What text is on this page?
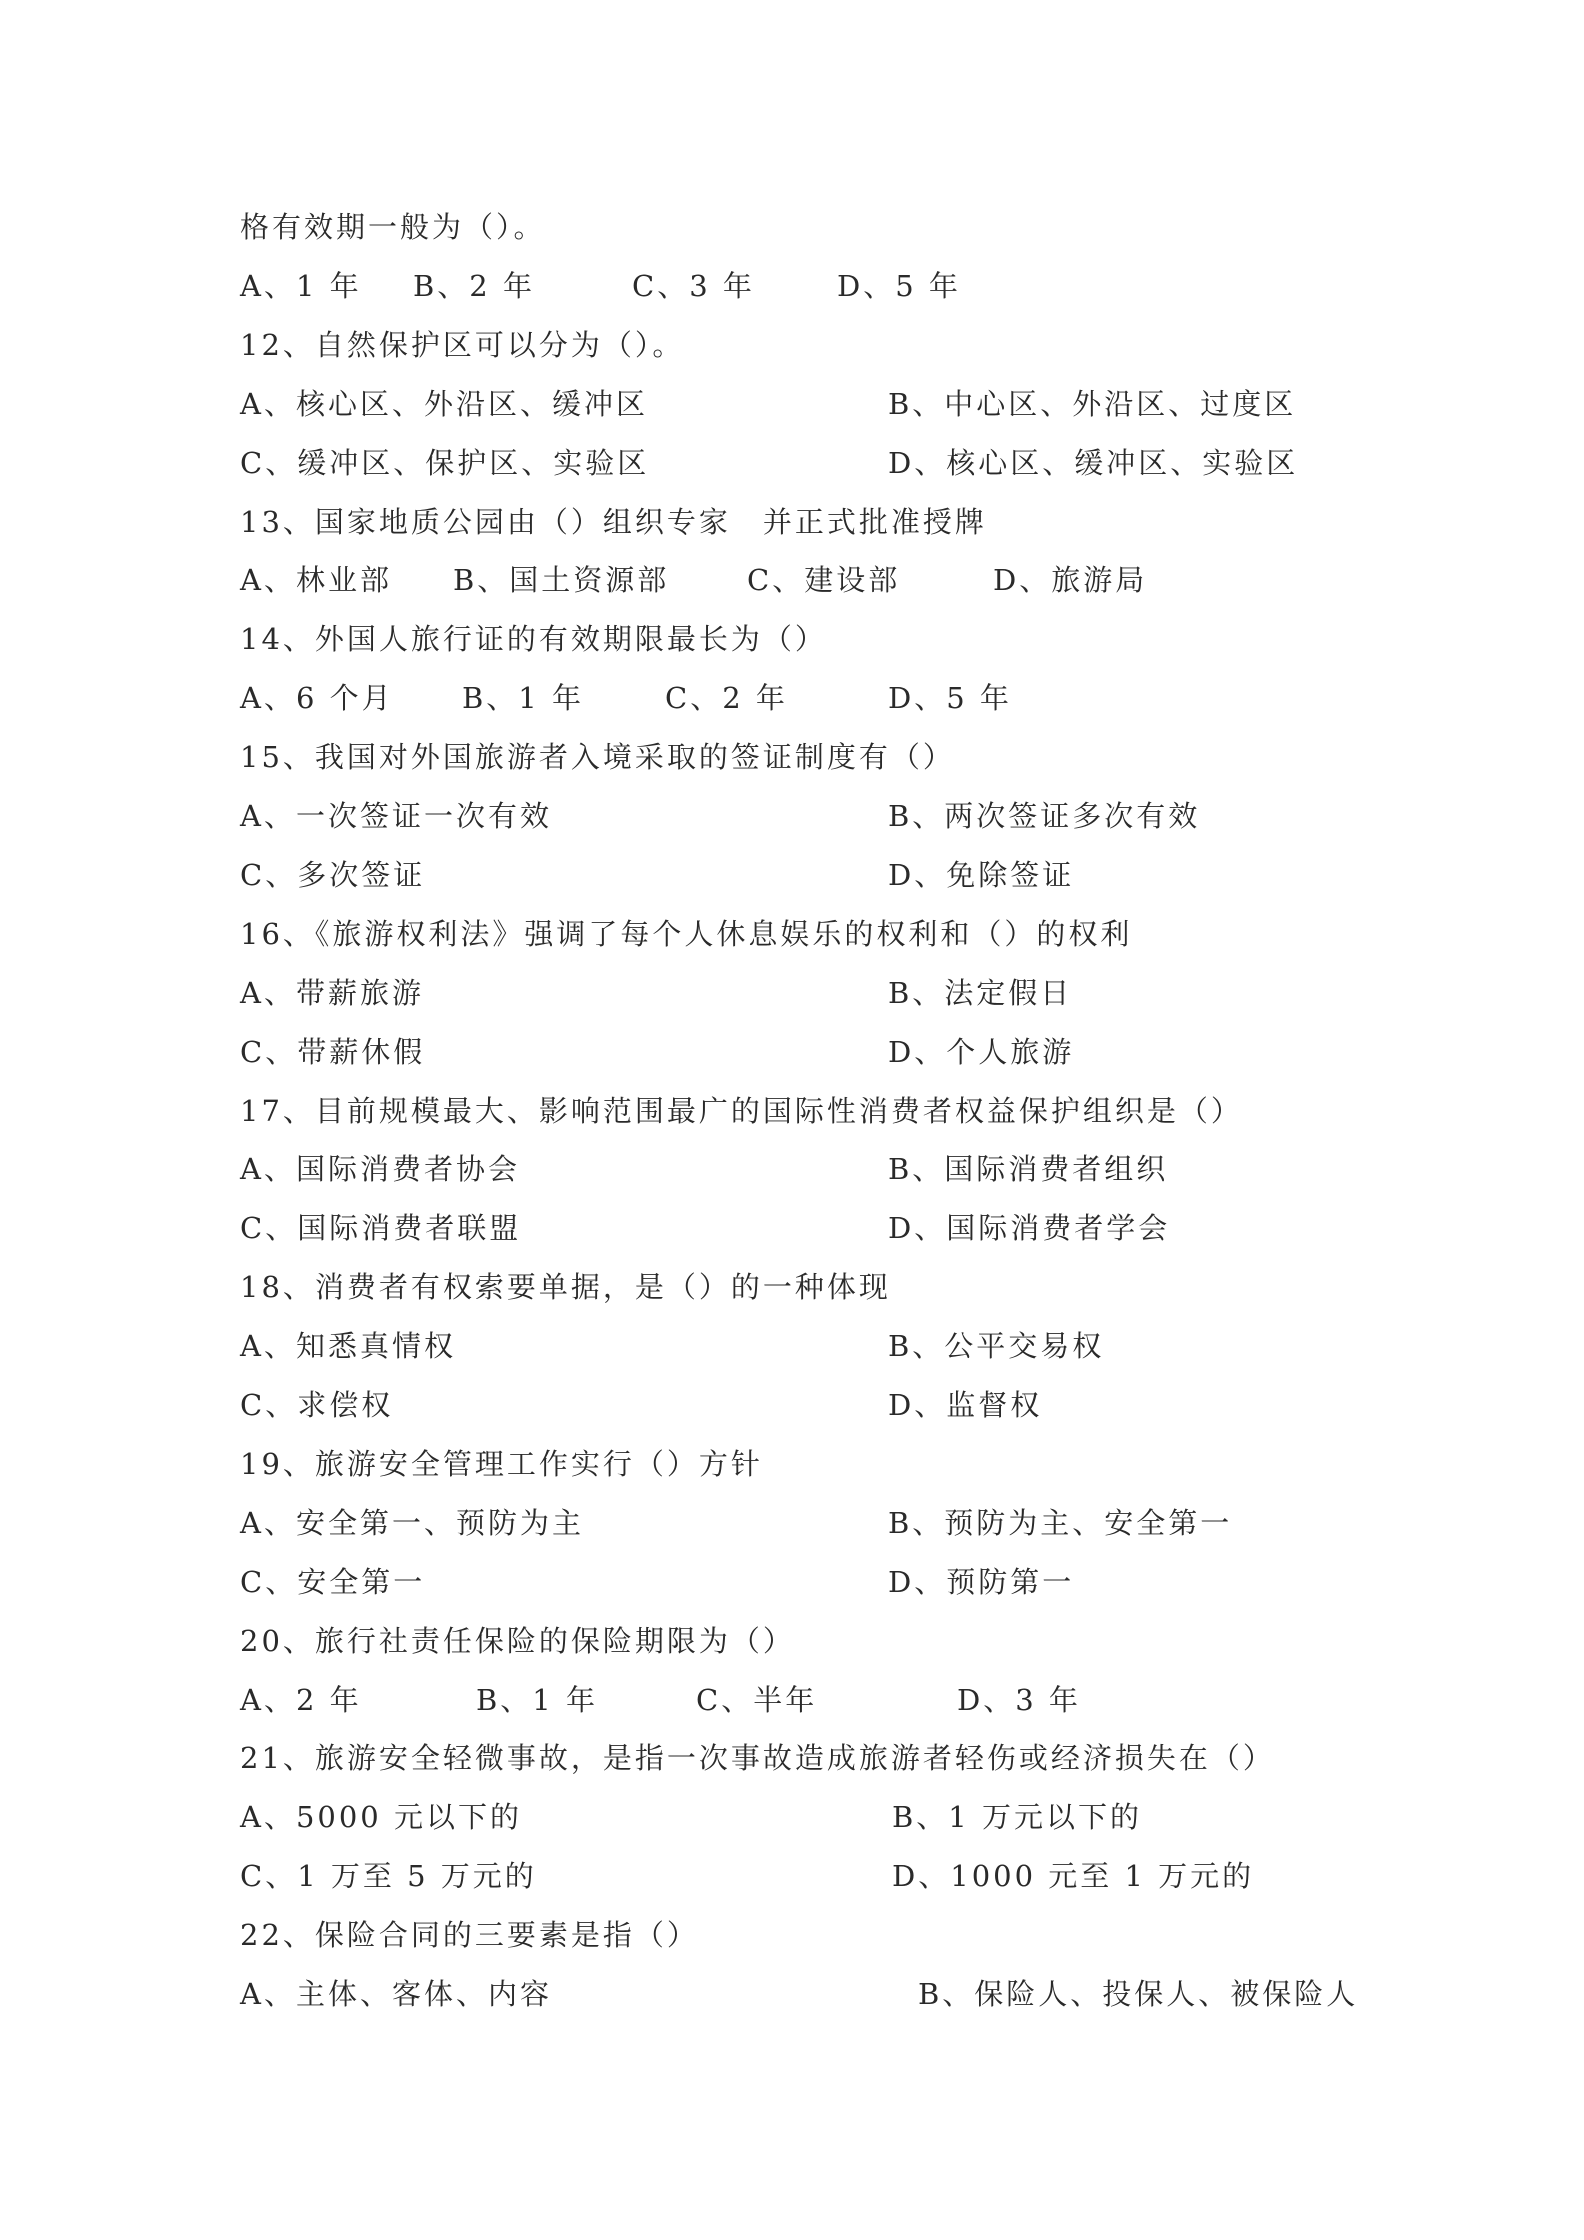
格有效期一般为（）。
A、1 年 B、2 年	C、3 年	D、5 年
12、自然保护区可以分为（）。
A、核心区、外沿区、缓冲区	B、中心区、外沿区、过度区
C、缓冲区、保护区、实验区	D、核心区、缓冲区、实验区
13、国家地质公园由（）组织专家　并正式批准授牌
A、林业部 B、国土资源部	C、建设部	D、旅游局
14、外国人旅行证的有效期限最长为（）
A、6 个月 B、1 年	C、2 年	D、5 年
15、我国对外国旅游者入境采取的签证制度有（）
A、一次签证一次有效	B、两次签证多次有效
C、多次签证	D、免除签证
16、《旅游权利法》强调了每个人休息娱乐的权利和（）的权利
A、带薪旅游	B、法定假日
C、带薪休假	D、个人旅游
17、目前规模最大、影响范围最广的国际性消费者权益保护组织是（）
A、国际消费者协会	B、国际消费者组织
C、国际消费者联盟	D、国际消费者学会
18、消费者有权索要单据，是（）的一种体现
A、知悉真情权	B、公平交易权
C、求偿权	D、监督权
19、旅游安全管理工作实行（）方针
A、安全第一、预防为主	B、预防为主、安全第一
C、安全第一	D、预防第一
20、旅行社责任保险的保险期限为（）
A、2 年	B、1 年	C、半年	D、3 年
21、旅游安全轻微事故，是指一次事故造成旅游者轻伤或经济损失在（）
A、5000 元以下的	B、1 万元以下的
C、1 万至 5 万元的	D、1000 元至 1 万元的
22、保险合同的三要素是指（）
A、主体、客体、内容	B、保险人、投保人、被保险人
